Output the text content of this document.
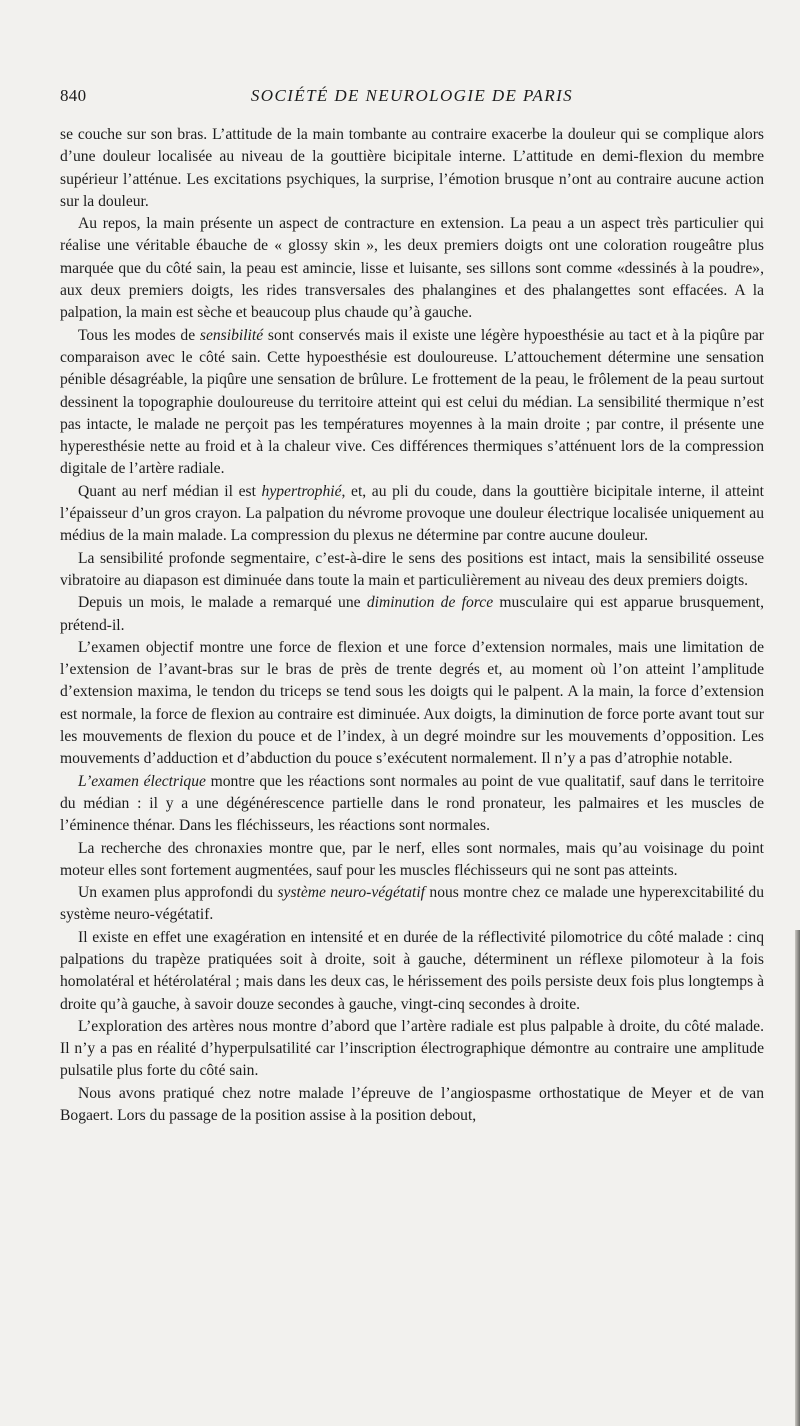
840	SOCIÉTÉ DE NEUROLOGIE DE PARIS

se couche sur son bras. L’attitude de la main tombante au contraire exacerbe la douleur qui se complique alors d’une douleur localisée au niveau de la gouttière bicipitale interne. L’attitude en demi-flexion du membre supérieur l’atténue. Les excitations psychiques, la surprise, l’émotion brusque n’ont au contraire aucune action sur la douleur.

Au repos, la main présente un aspect de contracture en extension. La peau a un aspect très particulier qui réalise une véritable ébauche de « glossy skin », les deux premiers doigts ont une coloration rougeâtre plus marquée que du côté sain, la peau est amincie, lisse et luisante, ses sillons sont comme «dessinés à la poudre», aux deux premiers doigts, les rides transversales des phalangines et des phalangettes sont effacées. A la palpation, la main est sèche et beaucoup plus chaude qu’à gauche.

Tous les modes de sensibilité sont conservés mais il existe une légère hypoesthésie au tact et à la piqûre par comparaison avec le côté sain. Cette hypoesthésie est douloureuse. L’attouchement détermine une sensation pénible désagréable, la piqûre une sensation de brûlure. Le frottement de la peau, le frôlement de la peau surtout dessinent la topographie douloureuse du territoire atteint qui est celui du médian. La sensibilité thermique n’est pas intacte, le malade ne perçoit pas les températures moyennes à la main droite ; par contre, il présente une hyperesthésie nette au froid et à la chaleur vive. Ces différences thermiques s’atténuent lors de la compression digitale de l’artère radiale.

Quant au nerf médian il est hypertrophié, et, au pli du coude, dans la gouttière bicipitale interne, il atteint l’épaisseur d’un gros crayon. La palpation du névrome provoque une douleur électrique localisée uniquement au médius de la main malade. La compression du plexus ne détermine par contre aucune douleur.

La sensibilité profonde segmentaire, c’est-à-dire le sens des positions est intact, mais la sensibilité osseuse vibratoire au diapason est diminuée dans toute la main et particulièrement au niveau des deux premiers doigts.

Depuis un mois, le malade a remarqué une diminution de force musculaire qui est apparue brusquement, prétend-il.

L’examen objectif montre une force de flexion et une force d’extension normales, mais une limitation de l’extension de l’avant-bras sur le bras de près de trente degrés et, au moment où l’on atteint l’amplitude d’extension maxima, le tendon du triceps se tend sous les doigts qui le palpent. A la main, la force d’extension est normale, la force de flexion au contraire est diminuée. Aux doigts, la diminution de force porte avant tout sur les mouvements de flexion du pouce et de l’index, à un degré moindre sur les mouvements d’opposition. Les mouvements d’adduction et d’abduction du pouce s’exécutent normalement. Il n’y a pas d’atrophie notable.

L’examen électrique montre que les réactions sont normales au point de vue qualitatif, sauf dans le territoire du médian : il y a une dégénérescence partielle dans le rond pronateur, les palmaires et les muscles de l’éminence thénar. Dans les fléchisseurs, les réactions sont normales.

La recherche des chronaxies montre que, par le nerf, elles sont normales, mais qu’au voisinage du point moteur elles sont fortement augmentées, sauf pour les muscles fléchisseurs qui ne sont pas atteints.

Un examen plus approfondi du système neuro-végétatif nous montre chez ce malade une hyperexcitabilité du système neuro-végétatif.

Il existe en effet une exagération en intensité et en durée de la réflectivité pilomotrice du côté malade : cinq palpations du trapèze pratiquées soit à droite, soit à gauche, déterminent un réflexe pilomoteur à la fois homolatéral et hétérolatéral ; mais dans les deux cas, le hérissement des poils persiste deux fois plus longtemps à droite qu’à gauche, à savoir douze secondes à gauche, vingt-cinq secondes à droite.

L’exploration des artères nous montre d’abord que l’artère radiale est plus palpable à droite, du côté malade. Il n’y a pas en réalité d’hyperpulsatilité car l’inscription électrographique démontre au contraire une amplitude pulsatile plus forte du côté sain.

Nous avons pratiqué chez notre malade l’épreuve de l’angiospasme orthostatique de Meyer et de van Bogaert. Lors du passage de la position assise à la position debout,
